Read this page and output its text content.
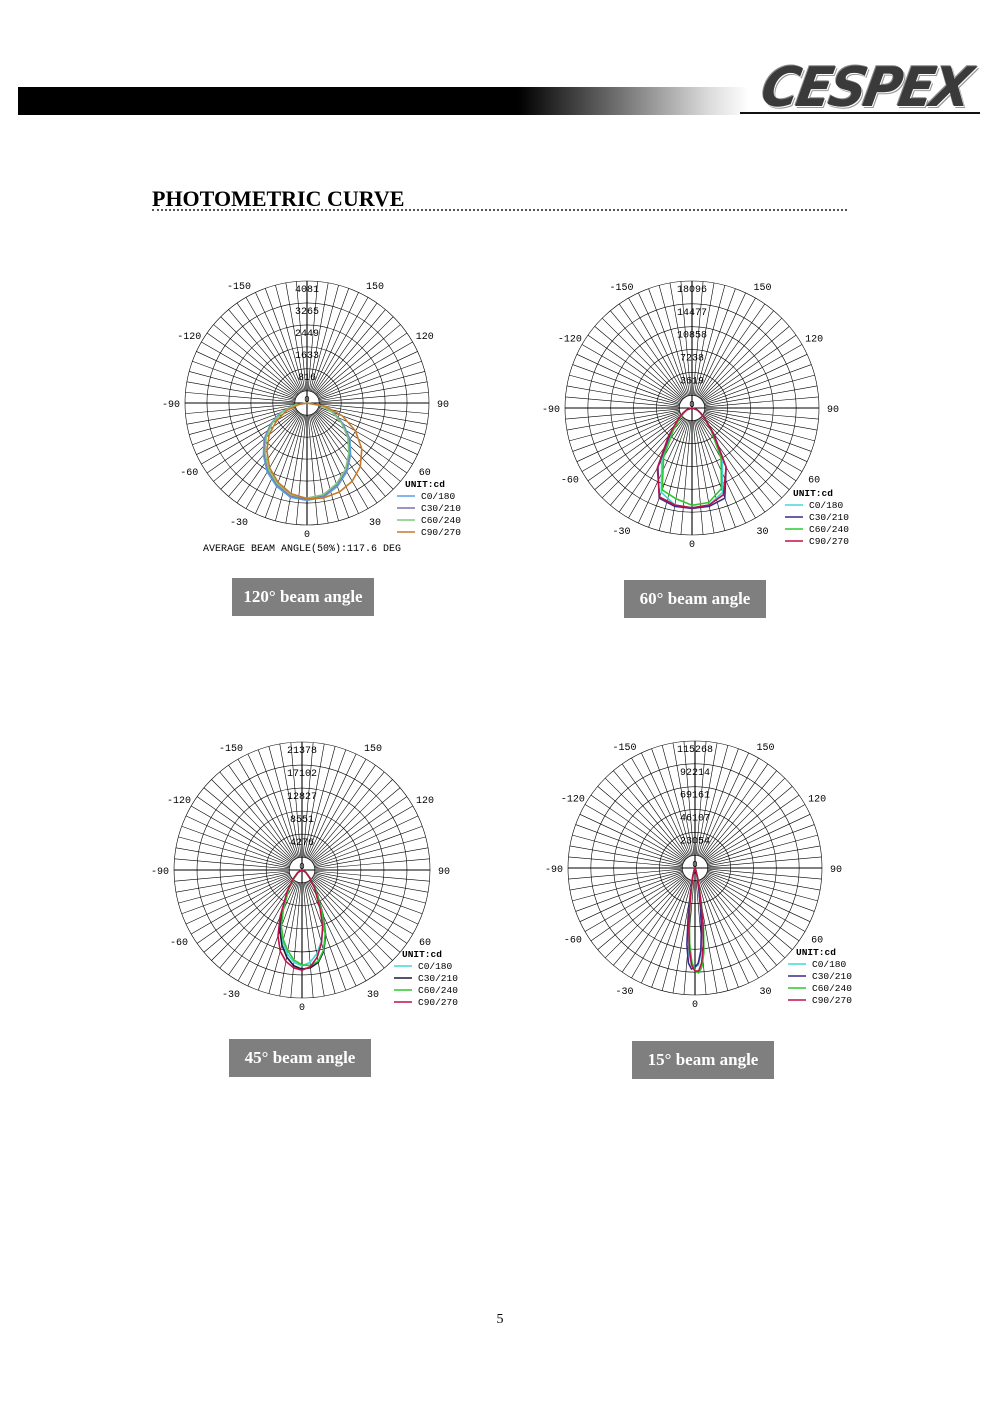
CESPEX
PHOTOMETRIC CURVE
816
1633
2449
3265
4081
0
-150	150
-120	120
-90	90
-60	60
-30	30
0
UNIT:cd
C0/180
C30/210
C60/240
C90/270
AVERAGE BEAM ANGLE(50%):117.6 DEG
3619
7238
10858
14477
18096
0
-150	150
-120	120
-90	90
-60	60
-30	30
0
UNIT:cd
C0/180
C30/210
C60/240
C90/270
4276
8551
12827
17102
21378
0
-150	150
-120	120
-90	90
-60	60
-30	30
0
UNIT:cd
C0/180
C30/210
C60/240
C90/270
23054
46107
69161
92214
115268
0
-150	150
-120	120
-90	90
-60	60
-30	30
0
UNIT:cd
C0/180
C30/210
C60/240
C90/270
120° beam angle	60° beam angle
45° beam angle	15° beam angle
5
